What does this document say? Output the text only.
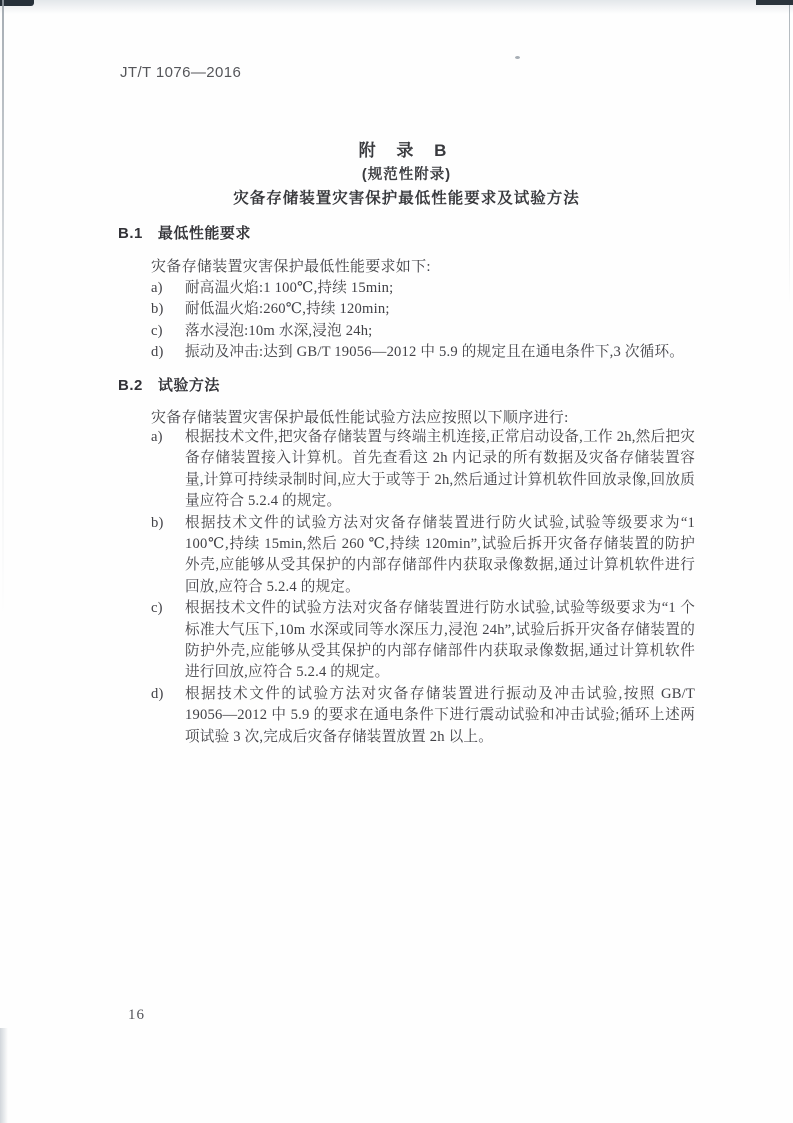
JT/T 1076—2016
附 录 B
(规范性附录)
灾备存储装置灾害保护最低性能要求及试验方法
B.1 最低性能要求

灾备存储装置灾害保护最低性能要求如下:

a) 耐高温火焰:1 100℃,持续 15min;
b) 耐低温火焰:260℃,持续 120min;
c) 落水浸泡:10m 水深,浸泡 24h;
d) 振动及冲击:达到 GB/T 19056—2012 中 5.9 的规定且在通电条件下,3 次循环。
B.2 试验方法

灾备存储装置灾害保护最低性能试验方法应按照以下顺序进行:

a) 根据技术文件,把灾备存储装置与终端主机连接,正常启动设备,工作 2h,然后把灾备存储装置接入计算机。首先查看这 2h 内记录的所有数据及灾备存储装置容量,计算可持续录制时间,应大于或等于 2h,然后通过计算机软件回放录像,回放质量应符合 5.2.4 的规定。
b) 根据技术文件的试验方法对灾备存储装置进行防火试验,试验等级要求为“1 100℃,持续 15min,然后 260 ℃,持续 120min”,试验后拆开灾备存储装置的防护外壳,应能够从受其保护的内部存储部件内获取录像数据,通过计算机软件进行回放,应符合 5.2.4 的规定。
c) 根据技术文件的试验方法对灾备存储装置进行防水试验,试验等级要求为“1 个标准大气压下,10m 水深或同等水深压力,浸泡 24h”,试验后拆开灾备存储装置的防护外壳,应能够从受其保护的内部存储部件内获取录像数据,通过计算机软件进行回放,应符合 5.2.4 的规定。
d) 根据技术文件的试验方法对灾备存储装置进行振动及冲击试验,按照 GB/T 19056—2012 中 5.9 的要求在通电条件下进行震动试验和冲击试验;循环上述两项试验 3 次,完成后灾备存储装置放置 2h 以上。
16
